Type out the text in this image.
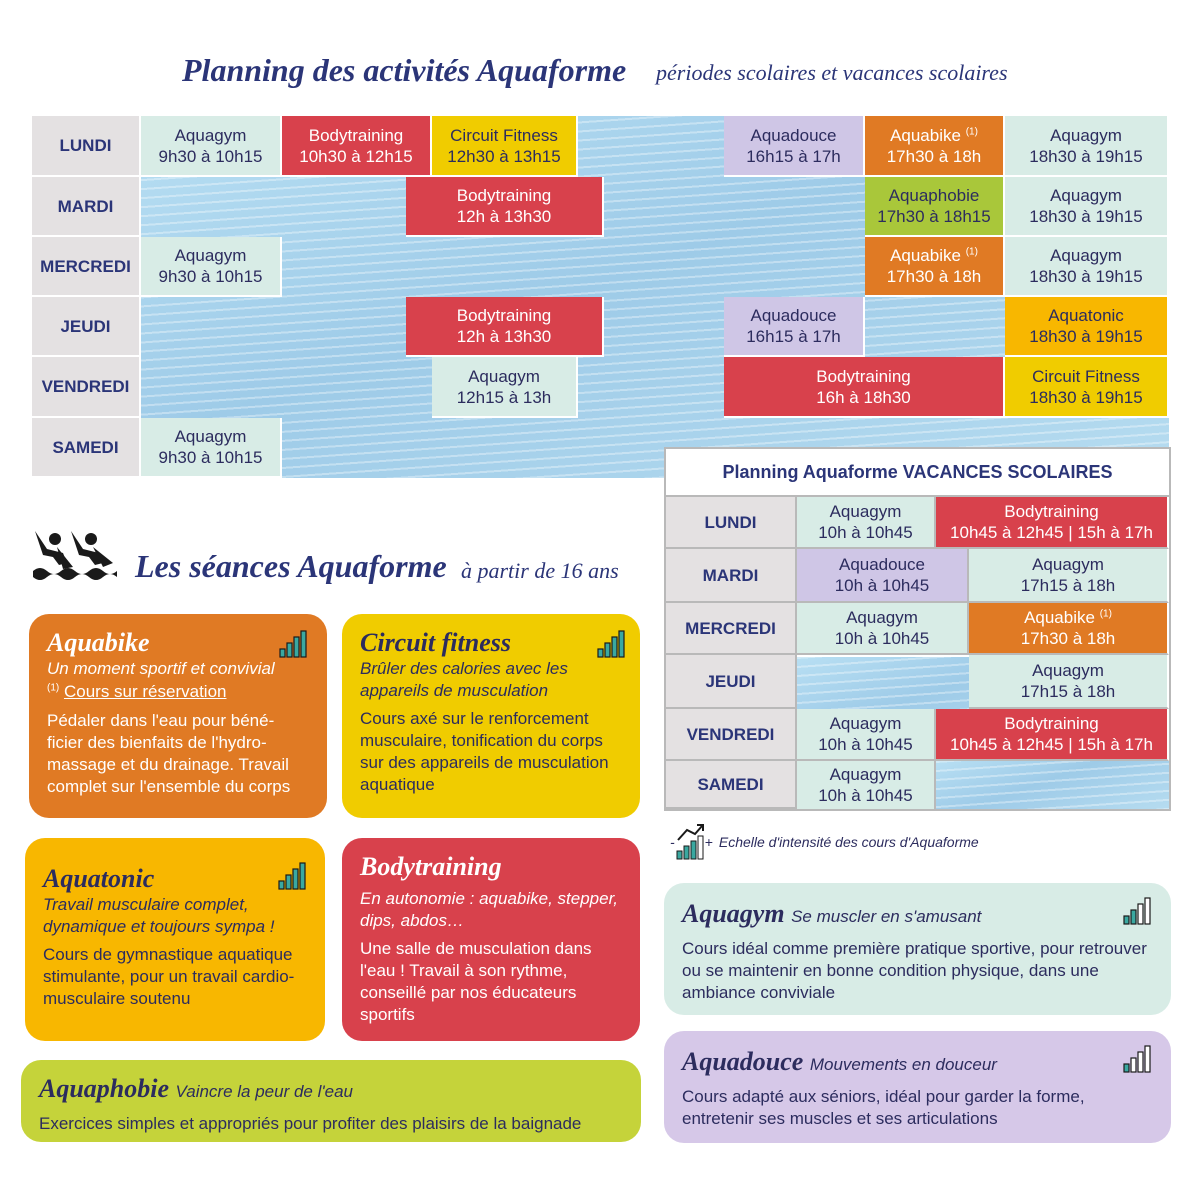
Planning des activités Aquaforme périodes scolaires et vacances scolaires
LUNDI
MARDI
MERCREDI
JEUDI
VENDREDI
SAMEDI
Aquagym
9h30 à 10h15
Bodytraining
10h30 à 12h15
Circuit Fitness
12h30 à 13h15
Aquadouce
16h15 à 17h
Aquabike $^{(1)}$
17h30 à 18h
Aquagym
18h30 à 19h15
Bodytraining
12h à 13h30
Aquaphobie
17h30 à 18h15
Aquagym
18h30 à 19h15
Aquagym
9h30 à 10h15
Aquabike $^{(1)}$
17h30 à 18h
Aquagym
18h30 à 19h15
Bodytraining
12h à 13h30
Aquadouce
16h15 à 17h
Aquatonic
18h30 à 19h15
Aquagym
12h15 à 13h
Bodytraining
16h à 18h30
Circuit Fitness
18h30 à 19h15
Aquagym
9h30 à 10h15
Planning Aquaforme VACANCES SCOLAIRES
LUNDI
MARDI
MERCREDI
JEUDI
VENDREDI
SAMEDI
Aquagym
10h à 10h45
Bodytraining
10h45 à 12h45 | 15h à 17h
Aquadouce
10h à 10h45
Aquagym
17h15 à 18h
Aquagym
10h à 10h45
Aquabike $^{(1)}$
17h30 à 18h
Aquagym
17h15 à 18h
Aquagym
10h à 10h45
Bodytraining
10h45 à 12h45 | 15h à 17h
Aquagym
10h à 10h45
Les séances Aquaforme à partir de 16 ans
Aquabike
Un moment sportif et convivial
$^{(1)}$ Cours sur réservation
Pédaler dans l'eau pour béné-ficier des bienfaits de l'hydro-massage et du drainage. Travail complet sur l'ensemble du corps
Circuit fitness
Brûler des calories avec les appareils de musculation
Cours axé sur le renforcement musculaire, tonification du corps sur des appareils de musculation aquatique
Aquatonic
Travail musculaire complet, dynamique et toujours sympa !
Cours de gymnastique aquatique stimulante, pour un travail cardio-musculaire soutenu
Bodytraining
En autonomie : aquabike, stepper, dips, abdos…
Une salle de musculation dans l'eau ! Travail à son rythme, conseillé par nos éducateurs sportifs
Aquaphobie Vaincre la peur de l'eau
Exercices simples et appropriés pour profiter des plaisirs de la baignade
- + Echelle d'intensité des cours d'Aquaforme
Aquagym Se muscler en s'amusant
Cours idéal comme première pratique sportive, pour retrouver ou se maintenir en bonne condition physique, dans une ambiance conviviale
Aquadouce Mouvements en douceur
Cours adapté aux séniors, idéal pour garder la forme, entretenir ses muscles et ses articulations
